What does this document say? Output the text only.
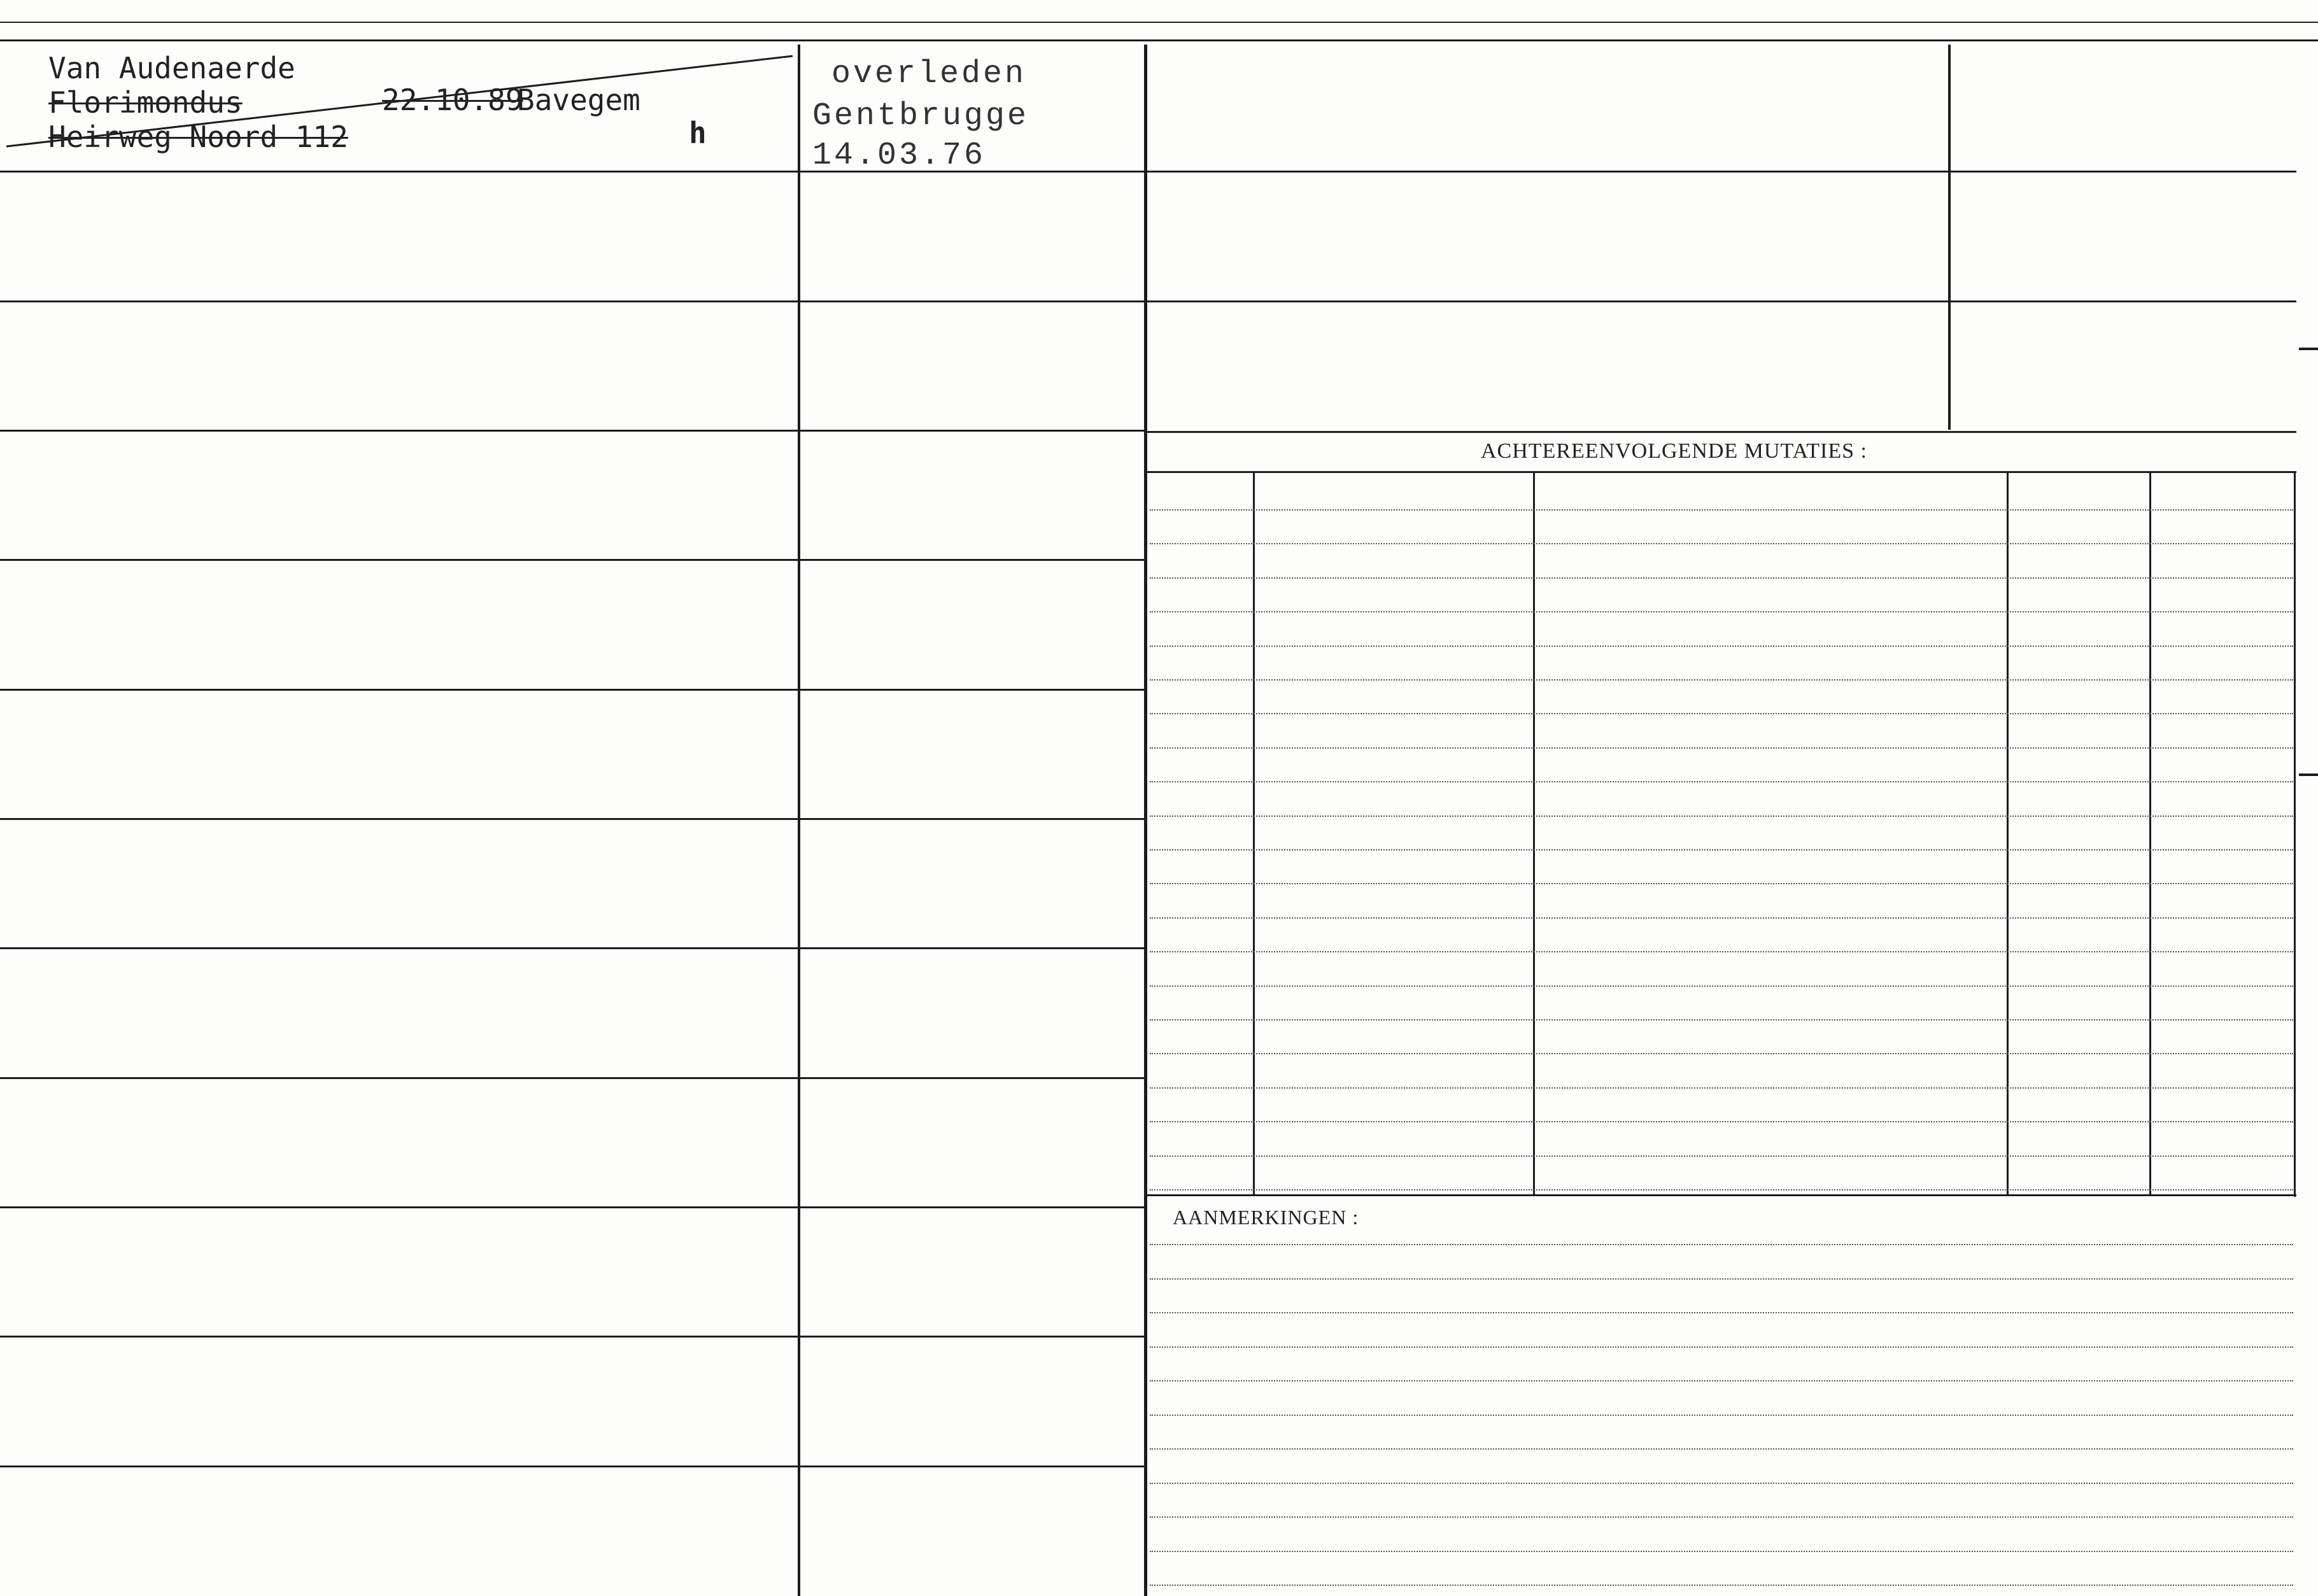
Van Audenaerde
Florimondus
Heirweg Noord 112
22.10.89
Bavegem
h
overleden
Gentbrugge
14.03.76
ACHTEREENVOLGENDE MUTATIES :
AANMERKINGEN :
